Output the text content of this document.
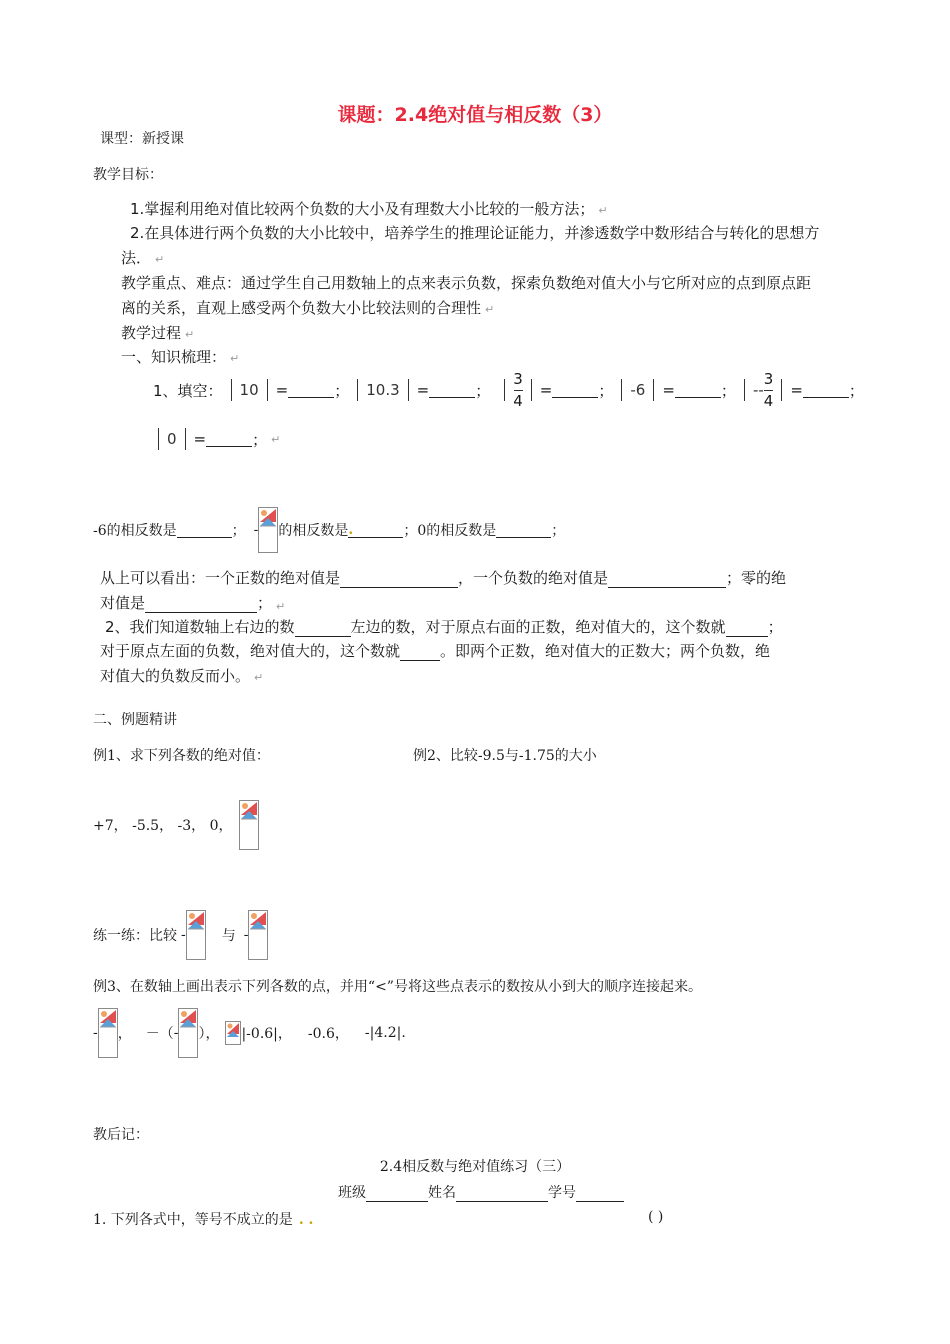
课题：2.4绝对值与相反数（3）
课型：新授课
教学目标：
1.掌握利用绝对值比较两个负数的大小及有理数大小比较的一般方法； ↵
2.在具体进行两个负数的大小比较中，培养学生的推理论证能力，并渗透数学中数形结合与转化的思想方
法． ↵
教学重点、难点：通过学生自己用数轴上的点来表示负数，探索负数绝对值大小与它所对应的点到原点距
离的关系，直观上感受两个负数大小比较法则的合理性 ↵
教学过程 ↵
一、知识梳理： ↵
1、填空： 10 =	； 10.3 =	； $\frac{3}{4}$ =	； -6 =	； -- $\frac{3}{4}$ =	；
0 =	； ↵
-6的相反数是	； - 的相反数是 .	； 0的相反数是	；
从上可以看出：一个正数的绝对值是	，一个负数的绝对值是	；零的绝
对值是	； ↵
2、我们知道数轴上右边的数	左边的数，对于原点右面的正数，绝对值大的，这个数就	；
对于原点左面的负数，绝对值大的，这个数就	。即两个正数，绝对值大的正数大；两个负数，绝
对值大的负数反而小。 ↵
二、例题精讲
例1、求下列各数的绝对值：	例2、比较-9.5与-1.75的大小
+7， -5.5， -3， 0，
练一练：比较 -	与 -
例3、在数轴上画出表示下列各数的点，并用“<”号将这些点表示的数按从小到大的顺序连接起来。
- ， －（ - ）， |-0.6|， -0.6， -|4.2|.
教后记：
2.4相反数与绝对值练习（三）
班级	姓名	学号
1. 下列各式中，等号不成立的是 . .	( )
